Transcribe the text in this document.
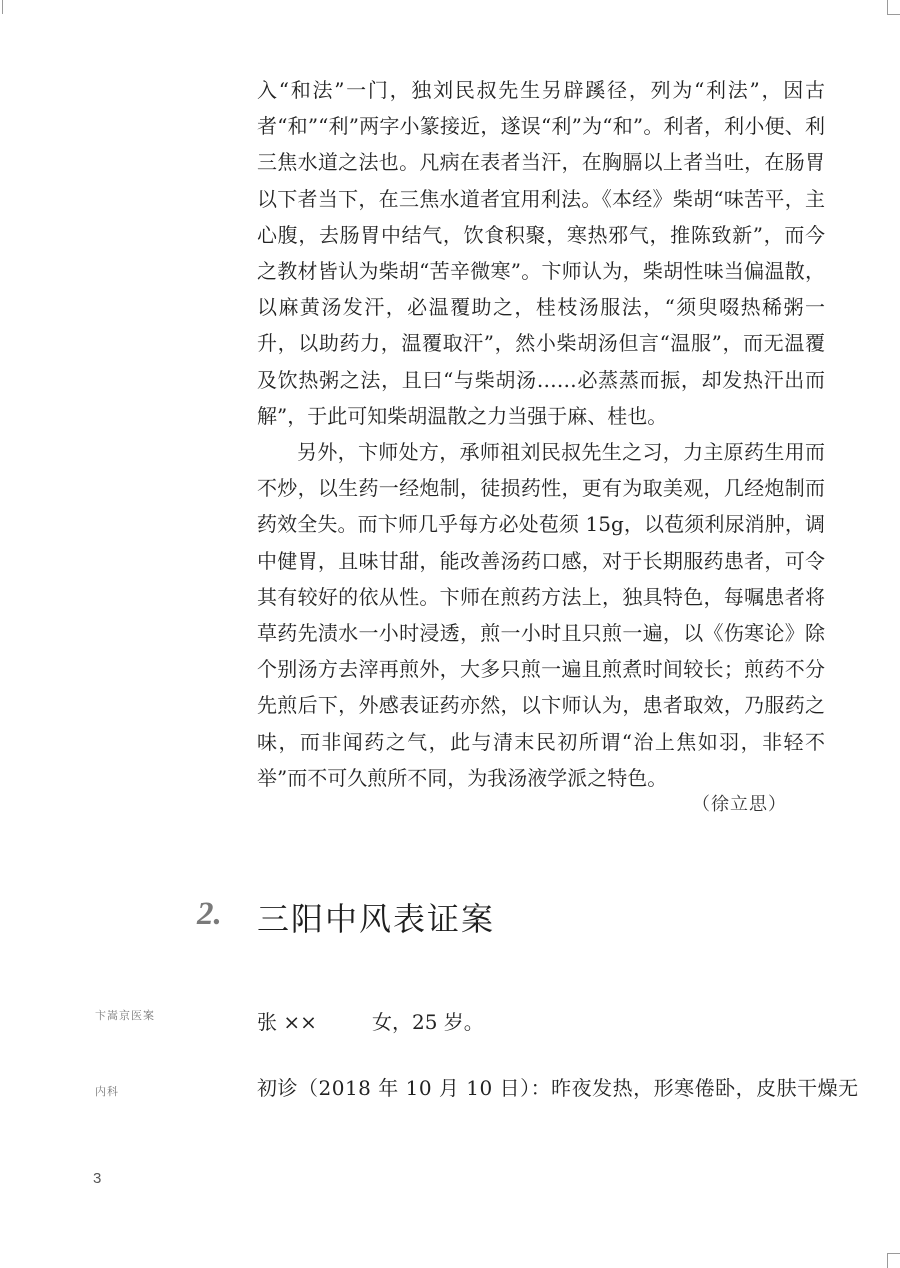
入“和法”一门，独刘民叔先生另辟蹊径，列为“利法”，因古者“和”“利”两字小篆接近，遂误“利”为“和”。利者，利小便、利三焦水道之法也。凡病在表者当汗，在胸膈以上者当吐，在肠胃以下者当下，在三焦水道者宜用利法。《本经》柴胡“味苦平，主心腹，去肠胃中结气，饮食积聚，寒热邪气，推陈致新”，而今之教材皆认为柴胡“苦辛微寒”。卞师认为，柴胡性味当偏温散，以麻黄汤发汗，必温覆助之，桂枝汤服法，“须臾啜热稀粥一升，以助药力，温覆取汗”，然小柴胡汤但言“温服”，而无温覆及饮热粥之法，且曰“与柴胡汤……必蒸蒸而振，却发热汗出而解”，于此可知柴胡温散之力当强于麻、桂也。

另外，卞师处方，承师祖刘民叔先生之习，力主原药生用而不炒，以生药一经炮制，徒损药性，更有为取美观，几经炮制而药效全失。而卞师几乎每方必处苞须 15g，以苞须利尿消肿，调中健胃，且味甘甜，能改善汤药口感，对于长期服药患者，可令其有较好的依从性。卞师在煎药方法上，独具特色，每嘱患者将草药先渍水一小时浸透，煎一小时且只煎一遍，以《伤寒论》除个别汤方去滓再煎外，大多只煎一遍且煎煮时间较长；煎药不分先煎后下，外感表证药亦然，以卞师认为，患者取效，乃服药之味，而非闻药之气，此与清末民初所谓“治上焦如羽，非轻不举”而不可久煎所不同，为我汤液学派之特色。

（徐立思）
2. 三阳中风表证案
卞嵩京医案
内科
张 ××	女，25 岁。
初诊（2018 年 10 月 10 日）：昨夜发热，形寒倦卧，皮肤干燥无
3
